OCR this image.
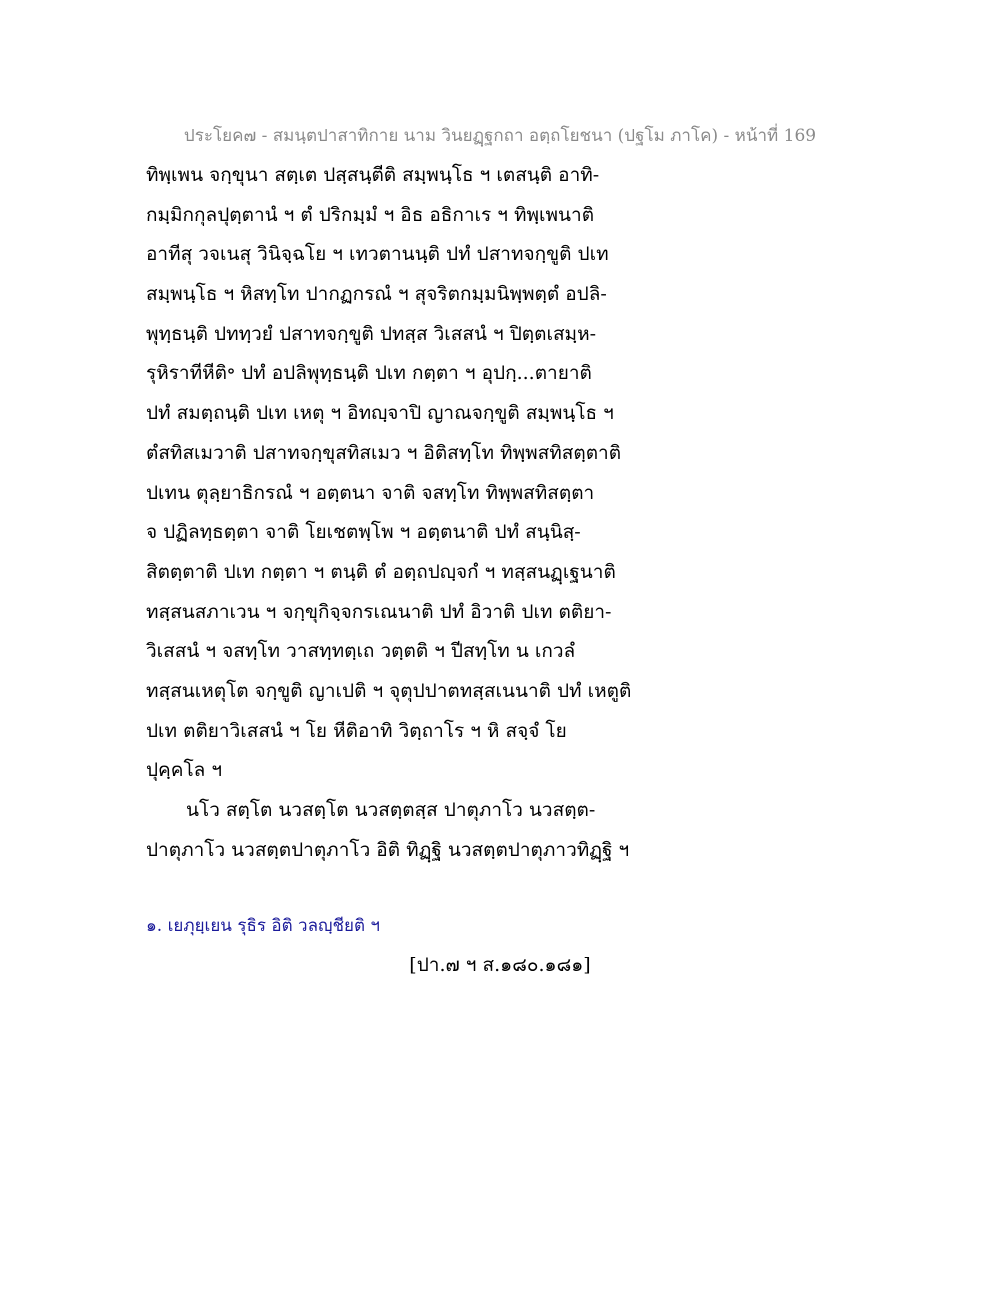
ประโยค๗ - สมนฺตปาสาทิกาย นาม วินยฏฺฐกถา อตฺถโยชนา (ปฐโม ภาโค) - หน้าที่ 169
ทิพฺเพน จกฺขุนา สตฺเต ปสฺสนฺตีติ สมฺพนฺโธ ฯ เตสนฺติ อาทิ-
กมฺมิกกุลปุตฺตานํ ฯ ตํ ปริกมฺมํ ฯ อิธ อธิกาเร ฯ ทิพฺเพนาติ
อาทีสุ วจเนสุ วินิจฺฉโย ฯ เทวตานนฺติ ปทํ ปสาทจกฺขูติ ปเท
สมฺพนฺโธ ฯ หิสทฺโท ปากฏกรณํ ฯ สุจริตกมฺมนิพฺพตฺตํ อปลิ-
พุทฺธนฺติ ปททฺวยํ ปสาทจกฺขูติ ปทสฺส วิเสสนํ ฯ ปิตฺตเสมฺห-
รุหิราทีหีติ॰ ปทํ อปลิพุทฺธนฺติ ปเท กตฺตา ฯ อุปกฺ...ตายาติ
ปทํ สมตฺถนฺติ ปเท เหตุ ฯ อิทญฺจาปิ ญาณจกฺขูติ สมฺพนฺโธ ฯ
ตํสทิสเมวาติ ปสาทจกฺขุสทิสเมว ฯ อิติสทฺโท ทิพฺพสทิสตฺตาติ
ปเทน ตุลฺยาธิกรณํ ฯ อตฺตนา จาติ จสทฺโท ทิพฺพสทิสตฺตา
จ ปฏิลทฺธตฺตา จาติ โยเชตพฺโพ ฯ อตฺตนาติ ปทํ สนฺนิสฺ-
สิตตฺตาติ ปเท กตฺตา ฯ ตนฺติ ตํ อตฺถปญฺจกํ ฯ ทสฺสนฏฺเฐนาติ
ทสฺสนสภาเวน ฯ จกฺขุกิจฺจกรเณนาติ ปทํ อิวาติ ปเท ตติยา-
วิเสสนํ ฯ จสทฺโท วาสทฺทตฺเถ วตฺตติ ฯ ปีสทฺโท น เกวลํ
ทสฺสนเหตุโต จกฺขูติ ญาเปติ ฯ จุตุปปาตทสฺสเนนาติ ปทํ เหตูติ
ปเท ตติยาวิเสสนํ ฯ โย หีติอาทิ วิตฺถาโร ฯ หิ สจฺจํ โย
ปุคฺคโล ฯ
นโว สตฺโต นวสตฺโต นวสตฺตสฺส ปาตุภาโว นวสตฺต-
ปาตุภาโว นวสตฺตปาตุภาโว อิติ ทิฏฺฐิ นวสตฺตปาตุภาวทิฏฺฐิ ฯ
๑. เยภุยฺเยน รุธิร อิติ วลญฺชียติ ฯ
[ปา.๗ ฯ ส.๑๘๐.๑๘๑]
